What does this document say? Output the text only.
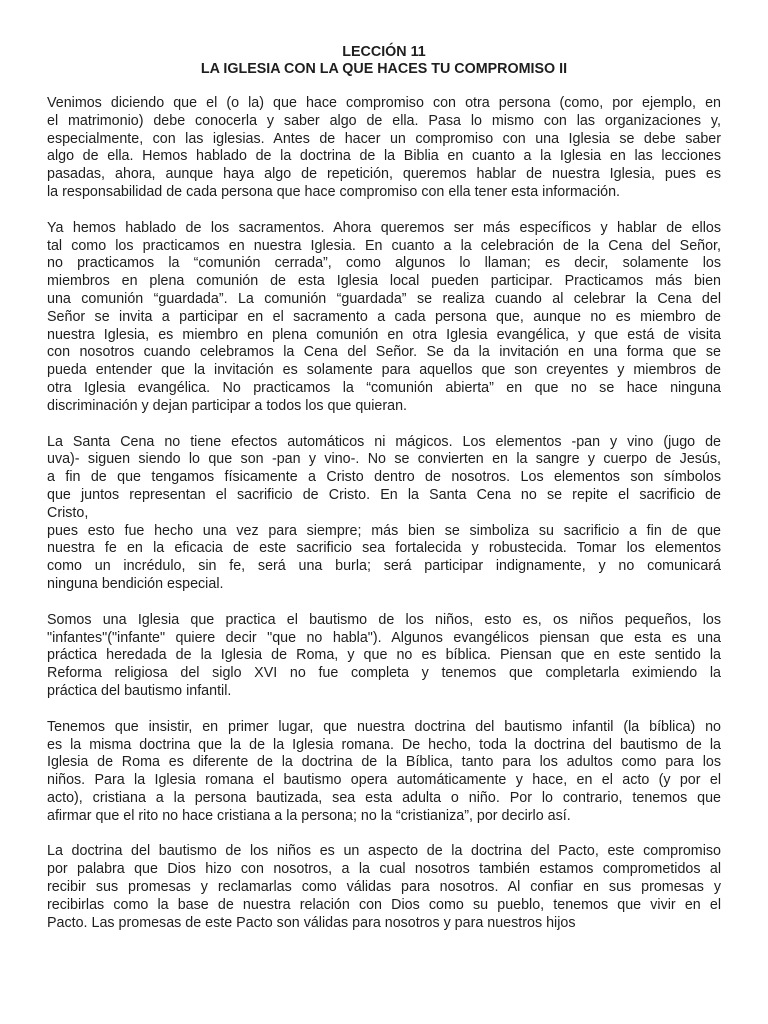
LECCIÓN 11
LA IGLESIA CON LA QUE HACES TU COMPROMISO II
Venimos diciendo que el (o la) que hace compromiso con otra persona (como, por ejemplo, en
el matrimonio) debe conocerla y saber algo de ella. Pasa lo mismo con las organizaciones y,
especialmente, con las iglesias. Antes de hacer un compromiso con una Iglesia se debe saber
algo de ella. Hemos hablado de la doctrina de la Biblia en cuanto a la Iglesia en las lecciones
pasadas, ahora, aunque haya algo de repetición, queremos hablar de nuestra Iglesia, pues es
la responsabilidad de cada persona que hace compromiso con ella tener esta información.
Ya hemos hablado de los sacramentos. Ahora queremos ser más específicos y hablar de ellos
tal como los practicamos en nuestra Iglesia. En cuanto a la celebración de la Cena del Señor,
no practicamos la “comunión cerrada”, como algunos lo llaman; es decir, solamente los
miembros en plena comunión de esta Iglesia local pueden participar. Practicamos más bien
una comunión “guardada”. La comunión “guardada” se realiza cuando al celebrar la Cena del
Señor se invita a participar en el sacramento a cada persona que, aunque no es miembro de
nuestra Iglesia, es miembro en plena comunión en otra Iglesia evangélica, y que está de visita
con nosotros cuando celebramos la Cena del Señor. Se da la invitación en una forma que se
pueda entender que la invitación es solamente para aquellos que son creyentes y miembros de
otra Iglesia evangélica. No practicamos la “comunión abierta” en que no se hace ninguna
discriminación y dejan participar a todos los que quieran.
La Santa Cena no tiene efectos automáticos ni mágicos. Los elementos -pan y vino (jugo de
uva)- siguen siendo lo que son -pan y vino-. No se convierten en la sangre y cuerpo de Jesús,
a fin de que tengamos físicamente a Cristo dentro de nosotros. Los elementos son símbolos
que juntos representan el sacrificio de Cristo. En la Santa Cena no se repite el sacrificio de
Cristo,
pues esto fue hecho una vez para siempre; más bien se simboliza su sacrificio a fin de que
nuestra fe en la eficacia de este sacrificio sea fortalecida y robustecida. Tomar los elementos
como un incrédulo, sin fe, será una burla; será participar indignamente, y no comunicará
ninguna bendición especial.
Somos una Iglesia que practica el bautismo de los niños, esto es, os niños pequeños, los
"infantes"("infante" quiere decir "que no habla"). Algunos evangélicos piensan que esta es una
práctica heredada de la Iglesia de Roma, y que no es bíblica. Piensan que en este sentido la
Reforma religiosa del siglo XVI no fue completa y tenemos que completarla eximiendo la
práctica del bautismo infantil.
Tenemos que insistir, en primer lugar, que nuestra doctrina del bautismo infantil (la bíblica) no
es la misma doctrina que la de la Iglesia romana. De hecho, toda la doctrina del bautismo de la
Iglesia de Roma es diferente de la doctrina de la Bíblica, tanto para los adultos como para los
niños. Para la Iglesia romana el bautismo opera automáticamente y hace, en el acto (y por el
acto), cristiana a la persona bautizada, sea esta adulta o niño. Por lo contrario, tenemos que
afirmar que el rito no hace cristiana a la persona; no la “cristianiza”, por decirlo así.
La doctrina del bautismo de los niños es un aspecto de la doctrina del Pacto, este compromiso
por palabra que Dios hizo con nosotros, a la cual nosotros también estamos comprometidos al
recibir sus promesas y reclamarlas como válidas para nosotros. Al confiar en sus promesas y
recibirlas como la base de nuestra relación con Dios como su pueblo, tenemos que vivir en el
Pacto. Las promesas de este Pacto son válidas para nosotros y para nuestros hijos
